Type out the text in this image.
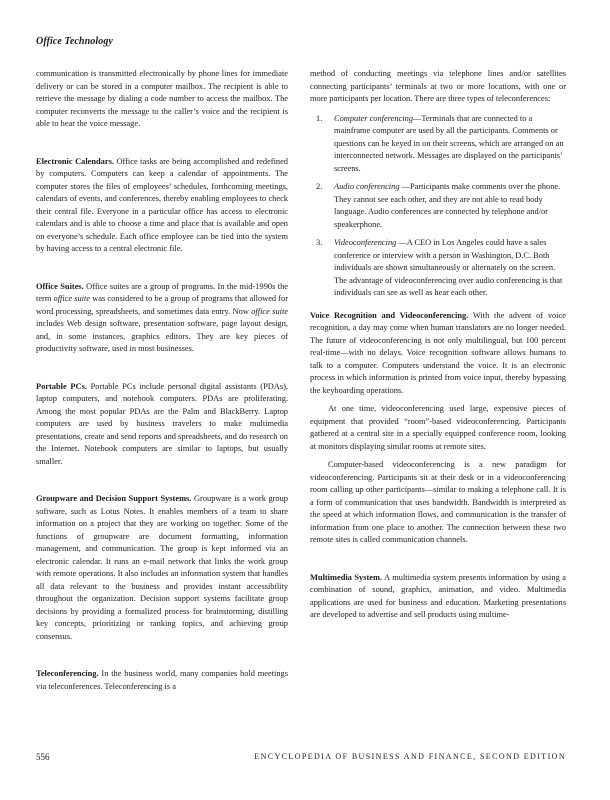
Office Technology

communication is transmitted electronically by phone lines for immediate delivery or can be stored in a computer mailbox. The recipient is able to retrieve the message by dialing a code number to access the mailbox. The computer reconverts the message to the caller’s voice and the recipient is able to hear the voice message.

Electronic Calendars. Office tasks are being accomplished and redefined by computers. Computers can keep a calendar of appointments. The computer stores the files of employees’ schedules, forthcoming meetings, calendars of events, and conferences, thereby enabling employees to check their central file. Everyone in a particular office has access to electronic calendars and is able to choose a time and place that is available and open on everyone’s schedule. Each office employee can be tied into the system by having access to a central electronic file.

Office Suites. Office suites are a group of programs. In the mid-1990s the term office suite was considered to be a group of programs that allowed for word processing, spreadsheets, and sometimes data entry. Now office suite includes Web design software, presentation software, page layout design, and, in some instances, graphics editors. They are key pieces of productivity software, used in most businesses.

Portable PCs. Portable PCs include personal digital assistants (PDAs), laptop computers, and notebook computers. PDAs are proliferating. Among the most popular PDAs are the Palm and BlackBerry. Laptop computers are used by business travelers to make multimedia presentations, create and send reports and spreadsheets, and do research on the Internet. Notebook computers are similar to laptops, but usually smaller.

Groupware and Decision Support Systems. Groupware is a work group software, such as Lotus Notes. It enables members of a team to share information on a project that they are working on together. Some of the functions of groupware are document formatting, information management, and communication. The group is kept informed via an electronic calendar. It runs an e-mail network that links the work group with remote operations. It also includes an information system that handles all data relevant to the business and provides instant accessibility throughout the organization. Decision support systems facilitate group decisions by providing a formalized process for brainstorming, distilling key concepts, prioritizing or ranking topics, and achieving group consensus.

Teleconferencing. In the business world, many companies hold meetings via teleconferences. Teleconferencing is a

method of conducting meetings via telephone lines and/or satellites connecting participants’ terminals at two or more locations, with one or more participants per location. There are three types of teleconferences:

1. Computer conferencing—Terminals that are connected to a mainframe computer are used by all the participants. Comments or questions can be keyed in on their screens, which are arranged on an interconnected network. Messages are displayed on the participants’ screens.
2. Audio conferencing —Participants make comments over the phone. They cannot see each other, and they are not able to read body language. Audio conferences are connected by telephone and/or speakerphone.
3. Videoconferencing —A CEO in Los Angeles could have a sales conference or interview with a person in Washington, D.C. Both individuals are shown simultaneously or alternately on the screen. The advantage of videoconferencing over audio conferencing is that individuals can see as well as hear each other.

Voice Recognition and Videoconferencing. With the advent of voice recognition, a day may come when human translators are no longer needed. The future of videoconferencing is not only multilingual, but 100 percent real-time—with no delays. Voice recognition software allows humans to talk to a computer. Computers understand the voice. It is an electronic process in which information is printed from voice input, thereby bypassing the keyboarding operations.

At one time, videoconferencing used large, expensive pieces of equipment that provided “room”-based videoconferencing. Participants gathered at a central site in a specially equipped conference room, looking at monitors displaying similar rooms at remote sites.

Computer-based videoconferencing is a new paradigm for videoconferencing. Participants sit at their desk or in a videoconferencing room calling up other participants—similar to making a telephone call. It is a form of communication that uses bandwidth. Bandwidth is interpreted as the speed at which information flows, and communication is the transfer of information from one place to another. The connection between these two remote sites is called communication channels.

Multimedia System. A multimedia system presents information by using a combination of sound, graphics, animation, and video. Multimedia applications are used for business and education. Marketing presentations are developed to advertise and sell products using multime-

556	ENCYCLOPEDIA OF BUSINESS AND FINANCE, SECOND EDITION
